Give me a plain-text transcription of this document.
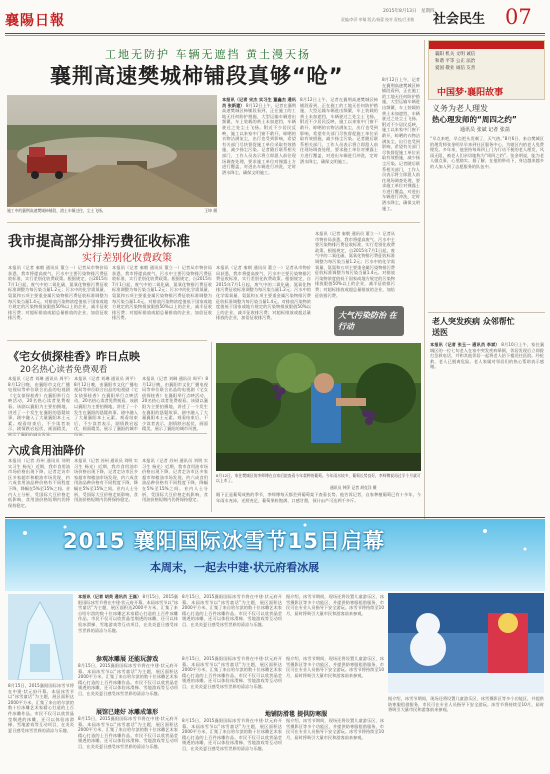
襄陽日報
2015年8月13日 星期四
责编/李萍 审稿 版式/杨蕾 校对 责校/吕亚敏 社会民生 07
工地无防护 车辆无遮挡 黄土漫天扬
襄荆高速樊城柿铺段真够“呛”
施工中的襄荆高速樊城柿铺段，渣土车辆过往，尘土飞扬。	王坤 摄
本报讯（记者 宋杰 实习生 董鑫杰 通讯员 张新建） 8月12日上午，记者在襄荆高速樊城区柿铺段看到，正在施工的工地无任何防护措施，大型运输车辆进出频繁，车上装载的黄土未加遮挡，车辆驶过之处尘土飞扬。附近不少居民反映，施工以来家中门窗不敢开，晾晒的衣物沾满灰尘，出行也受到影响，希望有关部门尽快督促施工单位采取有效措施，减少扬尘污染。记者随后联系相关部门，工作人员表示将立即派人前往现场调查处理，要求施工单位对裸露土方进行覆盖，对进出车辆进行冲洗，定时洒水降尘，确保文明施工。
8月12日上午，记者在襄荆高速樊城区柿铺段看到，正在施工的工地无任何防护措施，大型运输车辆进出频繁，车上装载的黄土未加遮挡，车辆驶过之处尘土飞扬。附近不少居民反映，施工以来家中门窗不敢开，晾晒的衣物沾满灰尘，出行也受到影响，希望有关部门尽快督促施工单位采取有效措施，减少扬尘污染。记者随后联系相关部门，工作人员表示将立即派人前往现场调查处理，要求施工单位对裸露土方进行覆盖，对进出车辆进行冲洗，定时洒水降尘，确保文明施工。
8月12日上午，记者在襄荆高速樊城区柿铺段看到，正在施工的工地无任何防护措施，大型运输车辆进出频繁，车上装载的黄土未加遮挡，车辆驶过之处尘土飞扬。附近不少居民反映，施工以来家中门窗不敢开，晾晒的衣物沾满灰尘，出行也受到影响，希望有关部门尽快督促施工单位采取有效措施，减少扬尘污染。记者随后联系相关部门，工作人员表示将立即派人前往现场调查处理，要求施工单位对裸露土方进行覆盖，对进出车辆进行冲洗，定时洒水降尘，确保文明施工。
我市提高部分排污费征收标准
实行差别化收费政策
本报讯（记者 秦朝 通讯员 董立一）记者从市物价局获悉，我市将提高废气、污水中主要污染物排污费征收标准，实行差别化收费政策。根据规定，自2015年7月1日起，废气中的二氧化硫、氮氧化物排污费征收标准调整为每污染当量1.2元；污水中的化学需氧量、氨氮和五项主要重金属污染物排污费征收标准调整为每污染当量1.4元。对排放污染物浓度值低于国家或地方规定的污染物排放限值50%以上的企业，减半征收排污费；对超标排放或超总量排放的企业，加倍征收排污费。
本报讯（记者 秦朝 通讯员 董立一）记者从市物价局获悉，我市将提高废气、污水中主要污染物排污费征收标准，实行差别化收费政策。根据规定，自2015年7月1日起，废气中的二氧化硫、氮氧化物排污费征收标准调整为每污染当量1.2元；污水中的化学需氧量、氨氮和五项主要重金属污染物排污费征收标准调整为每污染当量1.4元。对排放污染物浓度值低于国家或地方规定的污染物排放限值50%以上的企业，减半征收排污费；对超标排放或超总量排放的企业，加倍征收排污费。
本报讯（记者 秦朝 通讯员 董立一）记者从市物价局获悉，我市将提高废气、污水中主要污染物排污费征收标准，实行差别化收费政策。根据规定，自2015年7月1日起，废气中的二氧化硫、氮氧化物排污费征收标准调整为每污染当量1.2元；污水中的化学需氧量、氨氮和五项主要重金属污染物排污费征收标准调整为每污染当量1.4元。对排放污染物浓度值低于国家或地方规定的污染物排放限值50%以上的企业，减半征收排污费；对超标排放或超总量排放的企业，加倍征收排污费。
本报讯（记者 秦朝 通讯员 董立一）记者从市物价局获悉，我市将提高废气、污水中主要污染物排污费征收标准，实行差别化收费政策。根据规定，自2015年7月1日起，废气中的二氧化硫、氮氧化物排污费征收标准调整为每污染当量1.2元；污水中的化学需氧量、氨氮和五项主要重金属污染物排污费征收标准调整为每污染当量1.4元。对排放污染物浓度值低于国家或地方规定的污染物排放限值50%以上的企业，减半征收排污费；对超标排放或超总量排放的企业，加倍征收排污费。
大气污染防治 在行动
《宅女侦探桂香》昨日点映
20名热心读者免费观看
本报讯（记者 刘琳 通讯员 周平）8月12日晚，由襄阳市文化广播电视局等单位联合出品的电视剧《宅女侦探桂香》在襄阳举行点映活动，20名热心读者免费观看。该剧以襄阳为主要拍摄地，讲述了一个发生在襄阳的悬疑故事，剧中融入了大量襄阳本土元素。观看结束后，不少读者表示，剧情跌宕起伏，画面精美，
本报讯（记者 刘琳 通讯员 周平）8月12日晚，由襄阳市文化广播电视局等单位联合出品的电视剧《宅女侦探桂香》在襄阳举行点映活动，20名热心读者免费观看。该剧以襄阳为主要拍摄地，讲述了一个发生在襄阳的悬疑故事，剧中融入了大量襄阳本土元素。观看结束后，不少读者表示，剧情跌宕起伏，画面精美，展示了襄阳的城市
本报讯（记者 刘琳 通讯员 周平）8月12日晚，由襄阳市文化广播电视局等单位联合出品的电视剧《宅女侦探桂香》在襄阳举行点映活动，20名热心读者免费观看。该剧以襄阳为主要拍摄地，讲述了一个发生在襄阳的悬疑故事，剧中融入了大量襄阳本土元素。观看结束后，不少读者表示，剧情跌宕起伏，画面精美，展示了襄阳的城市风貌。
六成食用油降价
本报讯（记者 苏州 通讯员 刘明 实习生 杨光）近期，我市食用油市场价格出现下降，记者走访市区多家超市和粮油市场发现，约六成食用油品种价格有不同程度下降，降幅在5%至15%之间。业内人士分析，受国际大豆价格走低影响，食用油价格短期内仍将保持稳定。
本报讯（记者 苏州 通讯员 刘明 实习生 杨光）近期，我市食用油市场价格出现下降，记者走访市区多家超市和粮油市场发现，约六成食用油品种价格有不同程度下降，降幅在5%至15%之间。业内人士分析，受国际大豆价格走低影响，食用油价格短期内仍将保持稳定。
本报讯（记者 苏州 通讯员 刘明 实习生 杨光）近期，我市食用油市场价格出现下降，记者走访市区多家超市和粮油市场发现，约六成食用油品种价格有不同程度下降，降幅在5%至15%之间。业内人士分析，受国际大豆价格走低影响，食用油价格短期内仍将保持稳定。
8月12日，家住樊城区的李师傅在自家后院查看今年栽种的葡萄。今年雨水较多，葡萄长势良好，李师傅说再过半个月就可以上市了。
通讯员 钟萍 记者 胡克洋 摄
眼下正是葡萄成熟的季节，李师傅每天都会到葡萄架下查看长势。他告诉记者，自家种植葡萄已有十多年，今年雨水充沛，光照充足，葡萄果粒饱满、口感甘甜，预计亩产可达两千多斤。
襄阳 机关 文明 诚信
和谐 平等 公正 法治
爱国 敬业 诚信 友善
中国梦·襄阳故事
义务为老人理发
热心理发师的“周四之约”
通讯员 张斌 记者 张菡
“早点来吧，早点把头发剃了，天气热。”8月6日，来自樊城区的理发师张金明早早来到社区服务中心，为辖区内的老人免费理发。多年来，他坚持每周四上门为行动不便的老人理发，风雨无阻，被老人们亲切地称为“周四之约”。张金明说，能为老人做点事，心里踏实。据了解，在他的带动下，身边越来越多的人加入到了志愿服务的队伍中。
老人突发疾病 众邻帮忙送医
本报讯（记者 张玉一 通讯员 李斌） 8月10日上午，家住襄城区的一位七旬老人在家中突发疾病晕倒，邻居发现后立即拨打急救电话，并和其他邻居一起将老人抬下楼送往医院。经抢救，老人已脱离危险。老人家属对邻居们的热心帮助表示感谢。
2015 襄阳国际冰雪节15日启幕
本周末，一起去中建·状元府看冰展
本报讯（记者 胡英 通讯员 王磊） 8月15日，2015襄阳国际冰雪节将在中建·状元府开幕。本届冰雪节以“冰雪童话”为主题，展区面积达2000平方米，汇集了来自哈尔滨的数十位冰雕艺术家精心打造的上百件冰雕作品。市民不仅可以欣赏晶莹剔透的冰雕，还可以体验冰滑梯、雪地游戏等互动项目，在炎炎夏日感受冰雪世界的清凉与乐趣。
参观冰雕展 还能玩游戏
8月15日，2015襄阳国际冰雪节将在中建·状元府开幕。本届冰雪节以“冰雪童话”为主题，展区面积达2000平方米，汇集了来自哈尔滨的数十位冰雕艺术家精心打造的上百件冰雕作品。市民不仅可以欣赏晶莹剔透的冰雕，还可以体验冰滑梯、雪地游戏等互动项目，在炎炎夏日感受冰雪世界的清凉与乐趣。
展馆已建好 冰雕成雏形
8月15日，2015襄阳国际冰雪节将在中建·状元府开幕。本届冰雪节以“冰雪童话”为主题，展区面积达2000平方米，汇集了来自哈尔滨的数十位冰雕艺术家精心打造的上百件冰雕作品。市民不仅可以欣赏晶莹剔透的冰雕，还可以体验冰滑梯、雪地游戏等互动项目，在炎炎夏日感受冰雪世界的清凉与乐趣。
8月15日，2015襄阳国际冰雪节将在中建·状元府开幕。本届冰雪节以“冰雪童话”为主题，展区面积达2000平方米，汇集了来自哈尔滨的数十位冰雕艺术家精心打造的上百件冰雕作品。市民不仅可以欣赏晶莹剔透的冰雕，还可以体验冰滑梯、雪地游戏等互动项目，在炎炎夏日感受冰雪世界的清凉与乐趣。
据介绍，冰雪节期间，现场还将设置儿童游乐区、冰雪摄影区等多个功能区，并提供防寒服租借服务，市民可在专业人员指导下安全游玩。冰雪节将持续至10月，届时将吸引大量市民和游客前来参观。
8月15日，2015襄阳国际冰雪节将在中建·状元府开幕。本届冰雪节以“冰雪童话”为主题，展区面积达2000平方米，汇集了来自哈尔滨的数十位冰雕艺术家精心打造的上百件冰雕作品。市民不仅可以欣赏晶莹剔透的冰雕，还可以体验冰滑梯、雪地游戏等互动项目，在炎炎夏日感受冰雪世界的清凉与乐趣。
据介绍，冰雪节期间，现场还将设置儿童游乐区、冰雪摄影区等多个功能区，并提供防寒服租借服务，市民可在专业人员指导下安全游玩。冰雪节将持续至10月，届时将吸引大量市民和游客前来参观。
地铺防滑毯 提供防寒服
8月15日，2015襄阳国际冰雪节将在中建·状元府开幕。本届冰雪节以“冰雪童话”为主题，展区面积达2000平方米，汇集了来自哈尔滨的数十位冰雕艺术家精心打造的上百件冰雕作品。市民不仅可以欣赏晶莹剔透的冰雕，还可以体验冰滑梯、雪地游戏等互动项目，在炎炎夏日感受冰雪世界的清凉与乐趣。
据介绍，冰雪节期间，现场还将设置儿童游乐区、冰雪摄影区等多个功能区，并提供防寒服租借服务，市民可在专业人员指导下安全游玩。冰雪节将持续至10月，届时将吸引大量市民和游客前来参观。
据介绍，冰雪节期间，现场还将设置儿童游乐区、冰雪摄影区等多个功能区，并提供防寒服租借服务，市民可在专业人员指导下安全游玩。冰雪节将持续至10月，届时将吸引大量市民和游客前来参观。
8月15日，2015襄阳国际冰雪节将在中建·状元府开幕。本届冰雪节以“冰雪童话”为主题，展区面积达2000平方米，汇集了来自哈尔滨的数十位冰雕艺术家精心打造的上百件冰雕作品。市民不仅可以欣赏晶莹剔透的冰雕，还可以体验冰滑梯、雪地游戏等互动项目，在炎炎夏日感受冰雪世界的清凉与乐趣。
